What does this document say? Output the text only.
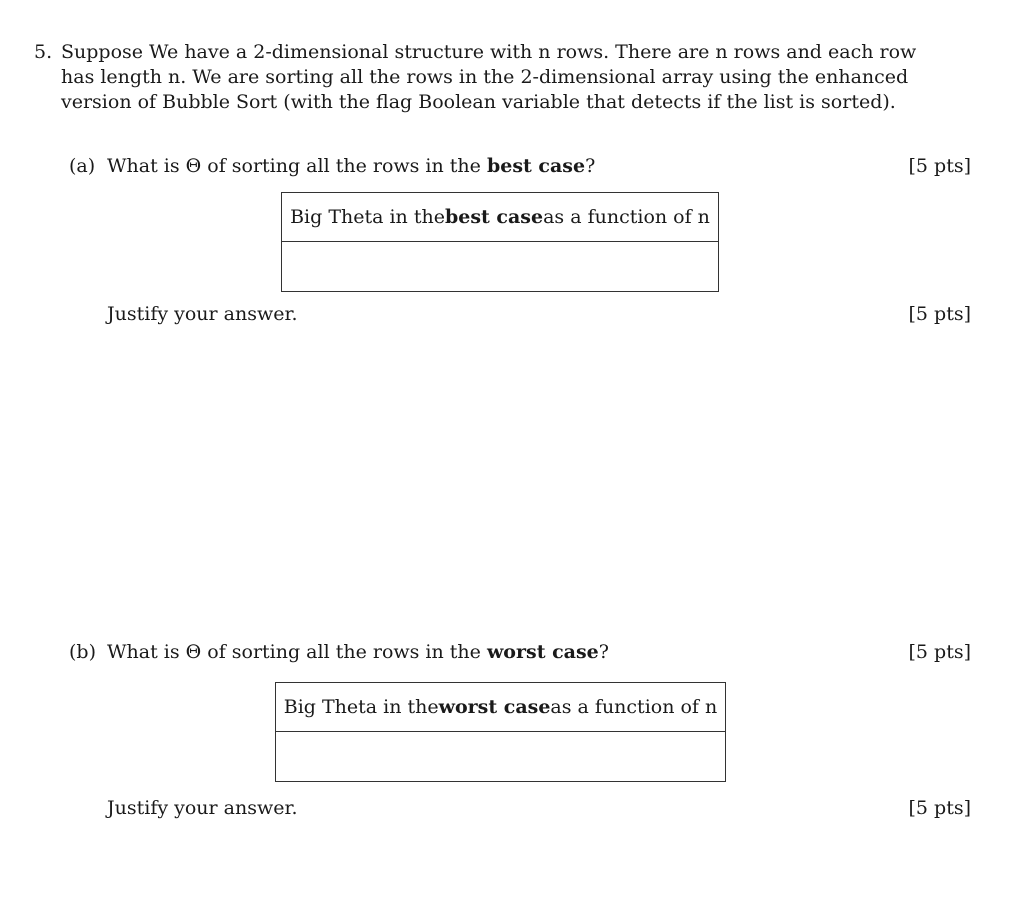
5. Suppose We have a 2-dimensional structure with n rows. There are n rows and each row has length n. We are sorting all the rows in the 2-dimensional array using the enhanced version of Bubble Sort (with the flag Boolean variable that detects if the list is sorted).
(a) What is Θ of sorting all the rows in the best case?	[5 pts]
Big Theta in the best case as a function of n
Justify your answer.	[5 pts]
(b) What is Θ of sorting all the rows in the worst case?	[5 pts]
Big Theta in the worst case as a function of n
Justify your answer.	[5 pts]
